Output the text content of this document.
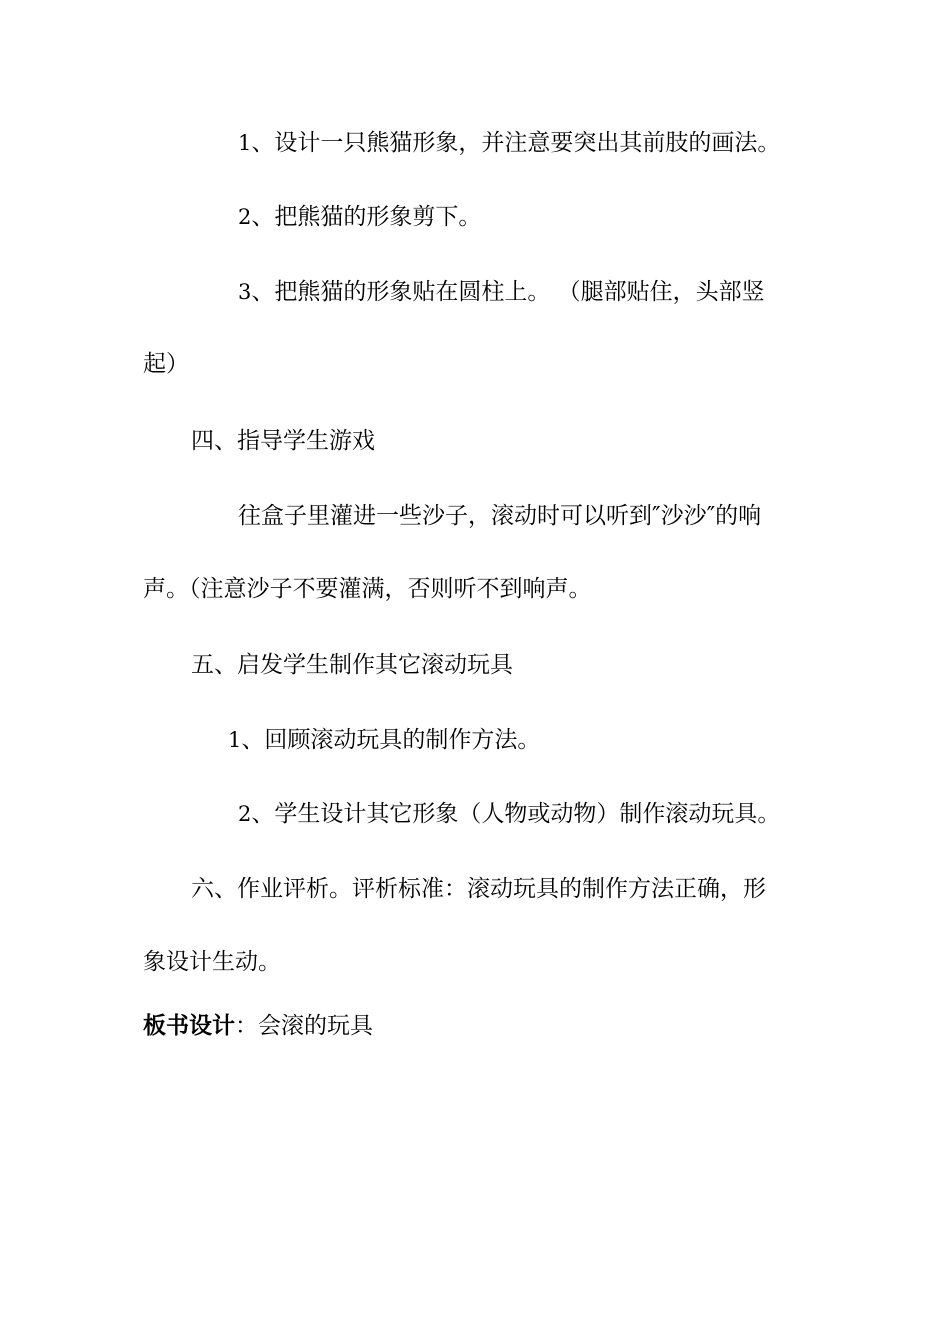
1、设计一只熊猫形象，并注意要突出其前肢的画法。
2、把熊猫的形象剪下。
3、把熊猫的形象贴在圆柱上。 （腿部贴住，头部竖
起）
四、指导学生游戏
往盒子里灌进一些沙子，滚动时可以听到″沙沙″的响
声。（注意沙子不要灌满，否则听不到响声。
五、启发学生制作其它滚动玩具
1、回顾滚动玩具的制作方法。
2、学生设计其它形象（人物或动物）制作滚动玩具。
六、作业评析。评析标准：滚动玩具的制作方法正确，形
象设计生动。
板书设计：会滚的玩具
